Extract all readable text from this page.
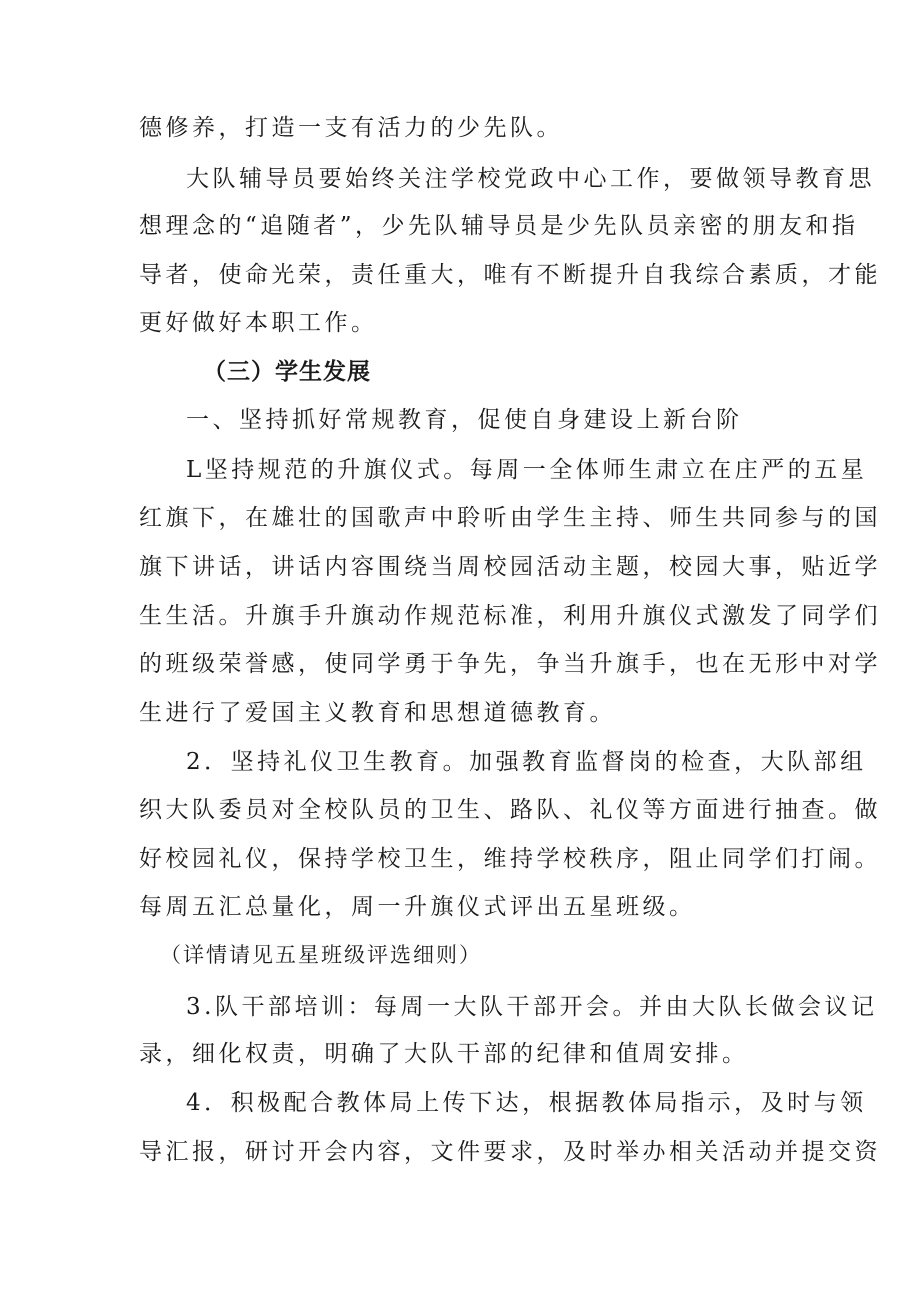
德修养，打造一支有活力的少先队。
大队辅导员要始终关注学校党政中心工作，要做领导教育思
想理念的“追随者”，少先队辅导员是少先队员亲密的朋友和指
导者，使命光荣，责任重大，唯有不断提升自我综合素质，才能
更好做好本职工作。
（三）学生发展
一、坚持抓好常规教育，促使自身建设上新台阶
L坚持规范的升旗仪式。每周一全体师生肃立在庄严的五星
红旗下，在雄壮的国歌声中聆听由学生主持、师生共同参与的国
旗下讲话，讲话内容围绕当周校园活动主题，校园大事，贴近学
生生活。升旗手升旗动作规范标准，利用升旗仪式激发了同学们
的班级荣誉感，使同学勇于争先，争当升旗手，也在无形中对学
生进行了爱国主义教育和思想道德教育。
2．坚持礼仪卫生教育。加强教育监督岗的检查，大队部组
织大队委员对全校队员的卫生、路队、礼仪等方面进行抽查。做
好校园礼仪，保持学校卫生，维持学校秩序，阻止同学们打闹。
每周五汇总量化，周一升旗仪式评出五星班级。
（详情请见五星班级评选细则）
3.队干部培训：每周一大队干部开会。并由大队长做会议记
录，细化权责，明确了大队干部的纪律和值周安排。
4．积极配合教体局上传下达，根据教体局指示，及时与领
导汇报，研讨开会内容，文件要求，及时举办相关活动并提交资
